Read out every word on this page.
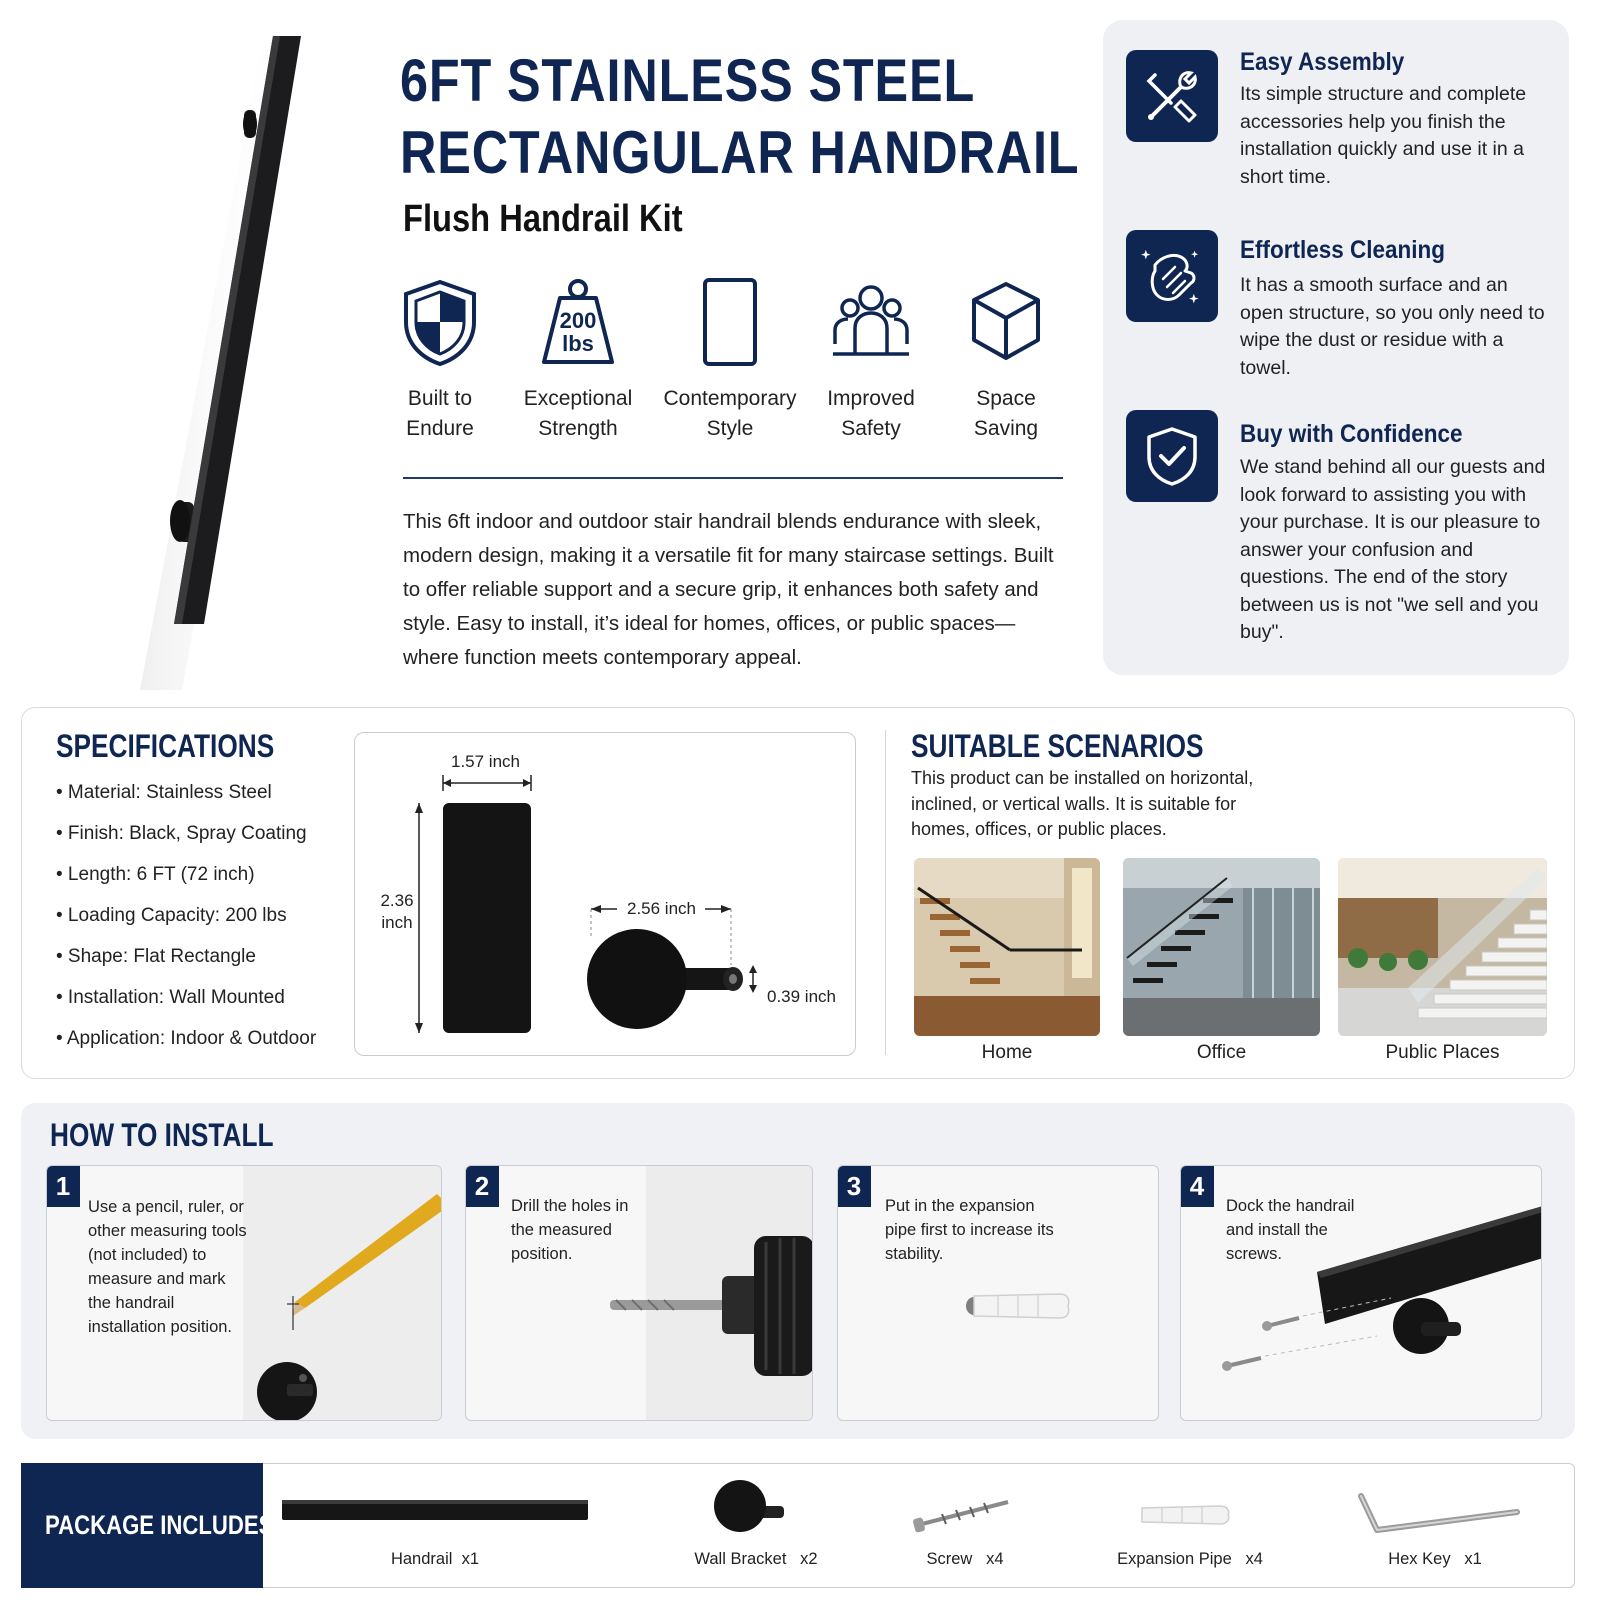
6FT STAINLESS STEEL
RECTANGULAR HANDRAIL
Flush Handrail Kit
Built to
Endure
200
lbs
Exceptional
Strength
Contemporary
Style
Improved
Safety
Space
Saving
This 6ft indoor and outdoor stair handrail blends endurance with sleek, modern design, making it a versatile fit for many staircase settings. Built to offer reliable support and a secure grip, it enhances both safety and style. Easy to install, it’s ideal for homes, offices, or public spaces—where function meets contemporary appeal.
Easy Assembly
Its simple structure and complete accessories help you finish the installation quickly and use it in a short time.
Effortless Cleaning
It has a smooth surface and an open structure, so you only need to wipe the dust or residue with a towel.
Buy with Confidence
We stand behind all our guests and look forward to assisting you with your purchase. It is our pleasure to answer your confusion and questions. The end of the story between us is not "we sell and you buy".
SPECIFICATIONS
• Material: Stainless Steel
• Finish: Black, Spray Coating
• Length: 6 FT (72 inch)
• Loading Capacity: 200 lbs
• Shape: Flat Rectangle
• Installation: Wall Mounted
• Application: Indoor & Outdoor
1.57 inch
2.36
inch
2.56 inch
0.39 inch
SUITABLE SCENARIOS
This product can be installed on horizontal, inclined, or vertical walls. It is suitable for homes, offices, or public places.
Home	Office	Public Places
HOW TO INSTALL
1
Use a pencil, ruler, or other measuring tools (not included) to measure and mark the handrail installation position.
2
Drill the holes in the measured position.
3
Put in the expansion pipe first to increase its stability.
4
Dock the handrail and install the screws.
PACKAGE INCLUDES
Handrail  x1	Wall Bracket   x2	Screw   x4	Expansion Pipe   x4	Hex Key   x1
